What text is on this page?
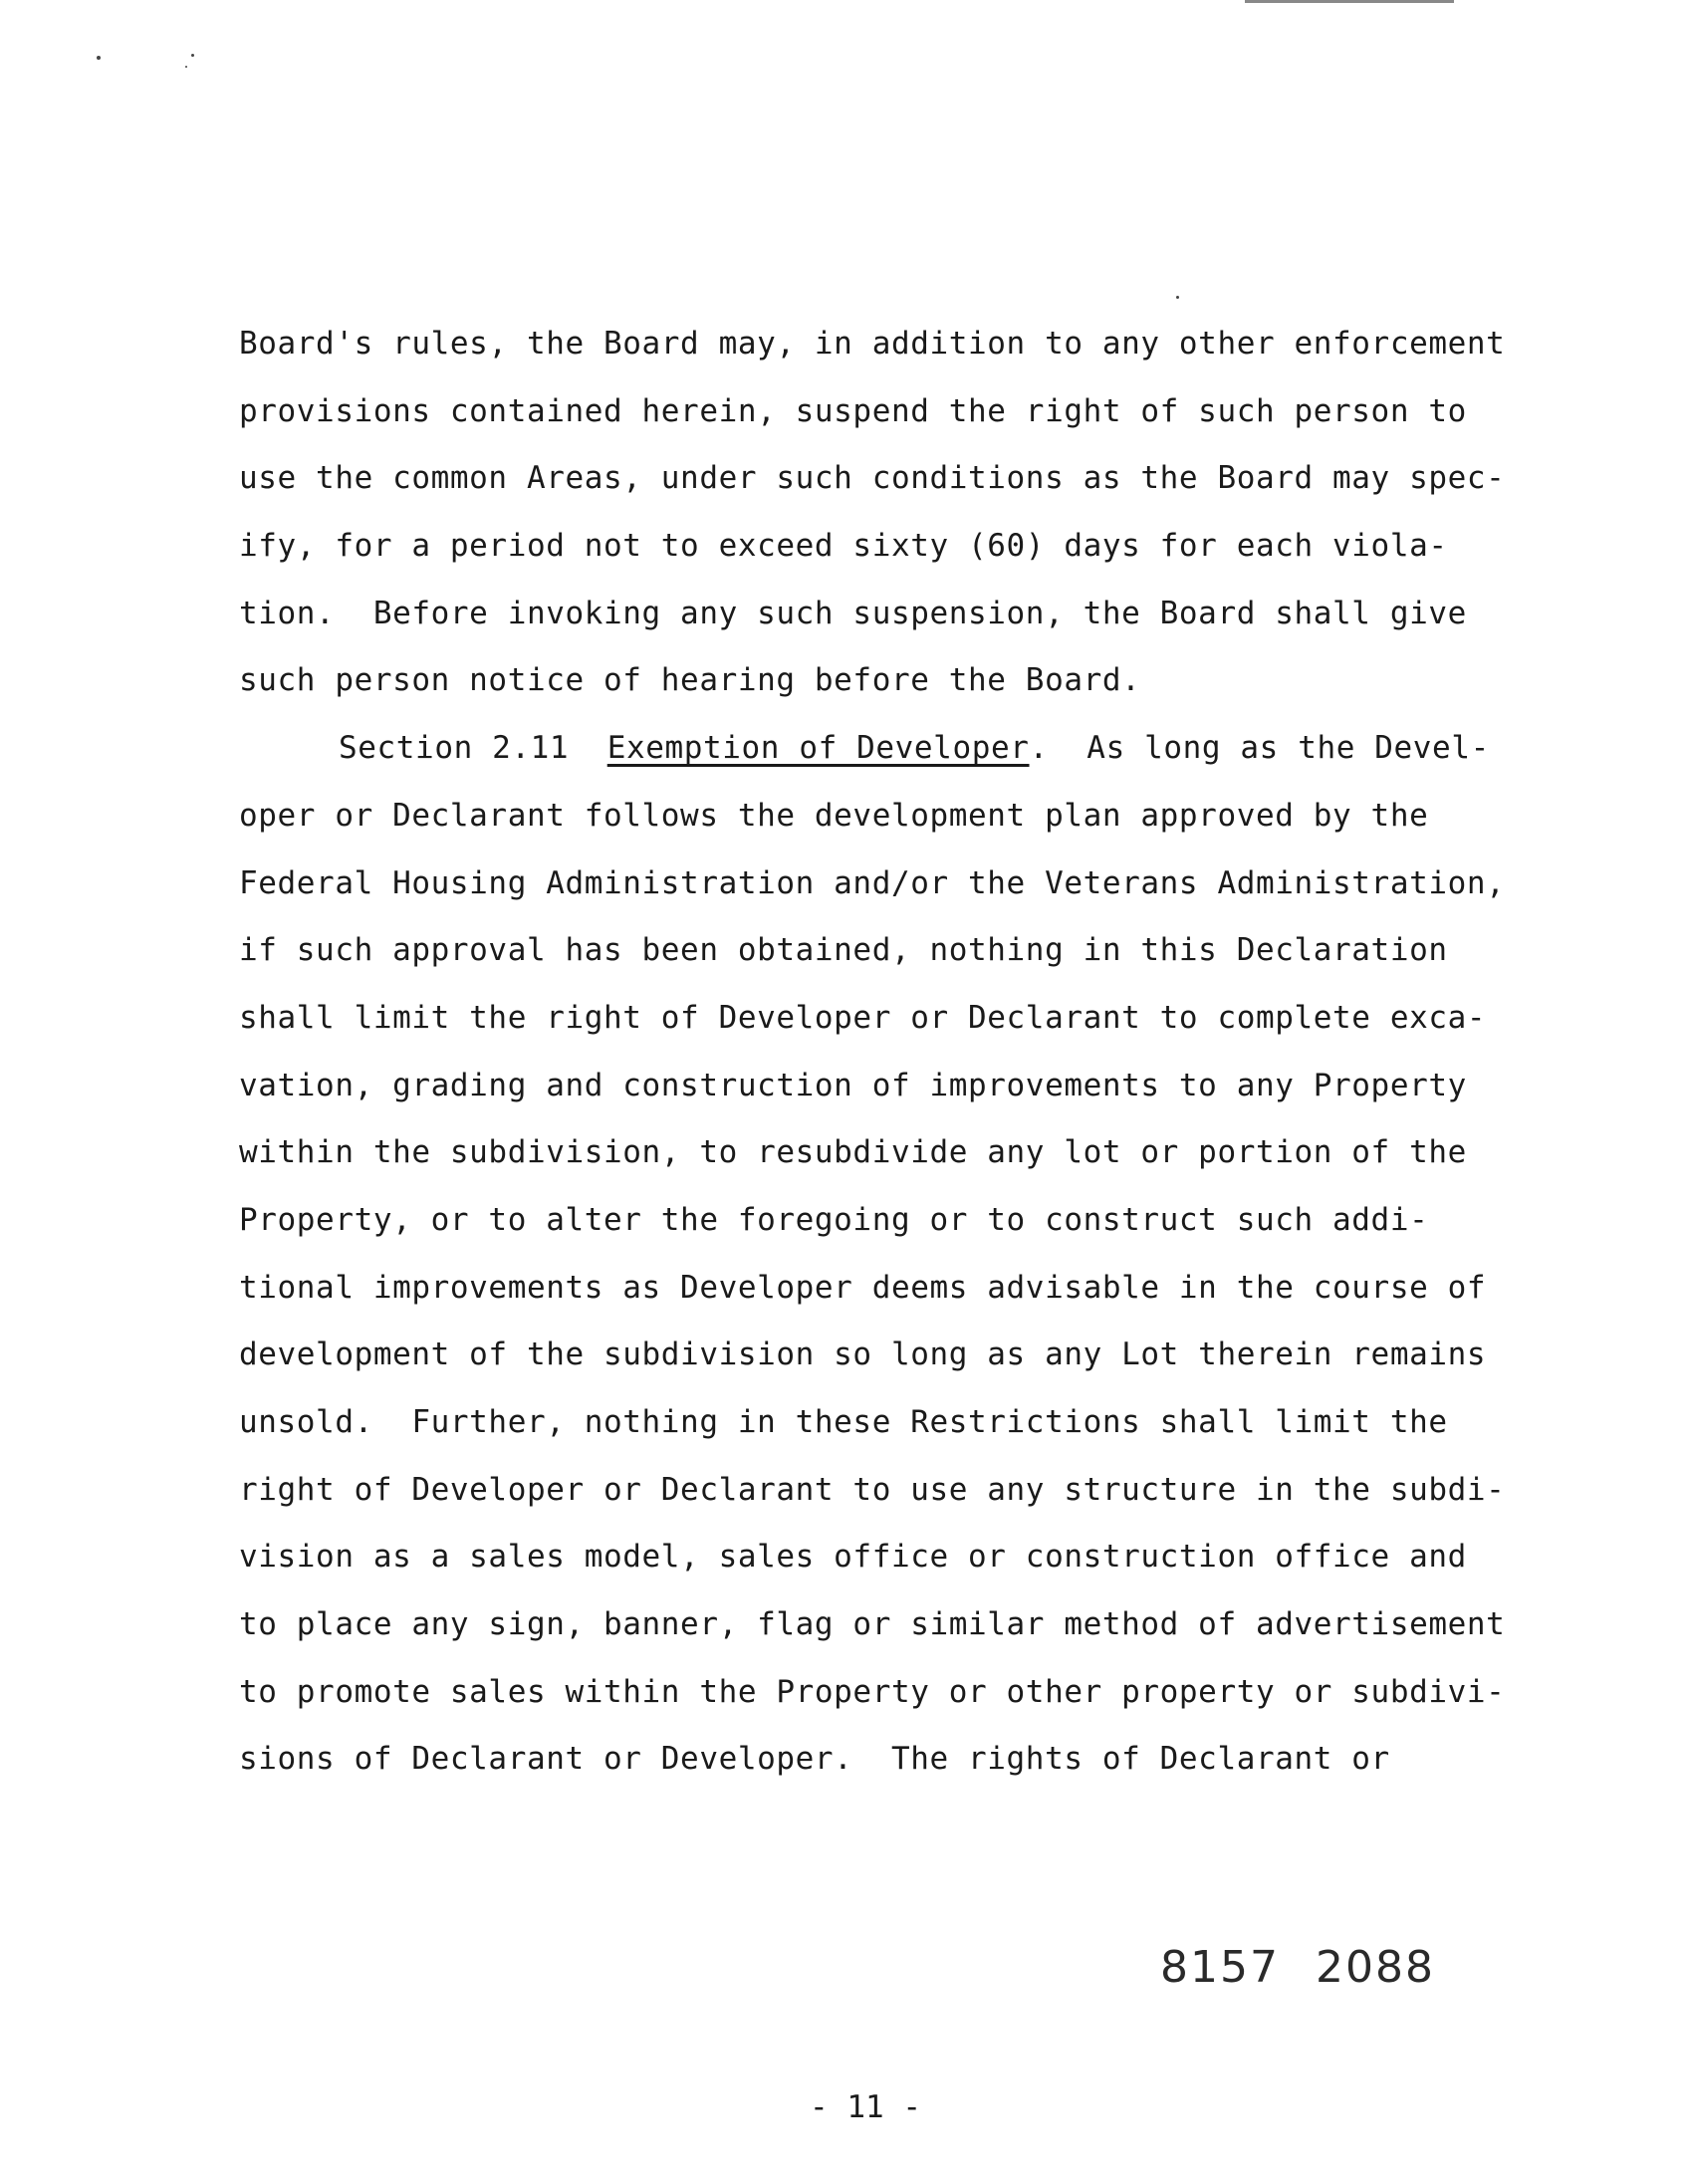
Board's rules, the Board may, in addition to any other enforcement
provisions contained herein, suspend the right of such person to
use the common Areas, under such conditions as the Board may spec-
ify, for a period not to exceed sixty (60) days for each viola-
tion.  Before invoking any such suspension, the Board shall give
such person notice of hearing before the Board.
Section 2.11 Exemption of Developer.  As long as the Devel-
oper or Declarant follows the development plan approved by the
Federal Housing Administration and/or the Veterans Administration,
if such approval has been obtained, nothing in this Declaration
shall limit the right of Developer or Declarant to complete exca-
vation, grading and construction of improvements to any Property
within the subdivision, to resubdivide any lot or portion of the
Property, or to alter the foregoing or to construct such addi-
tional improvements as Developer deems advisable in the course of
development of the subdivision so long as any Lot therein remains
unsold.  Further, nothing in these Restrictions shall limit the
right of Developer or Declarant to use any structure in the subdi-
vision as a sales model, sales office or construction office and
to place any sign, banner, flag or similar method of advertisement
to promote sales within the Property or other property or subdivi-
sions of Declarant or Developer.  The rights of Declarant or
8157 2088
- 11 -
